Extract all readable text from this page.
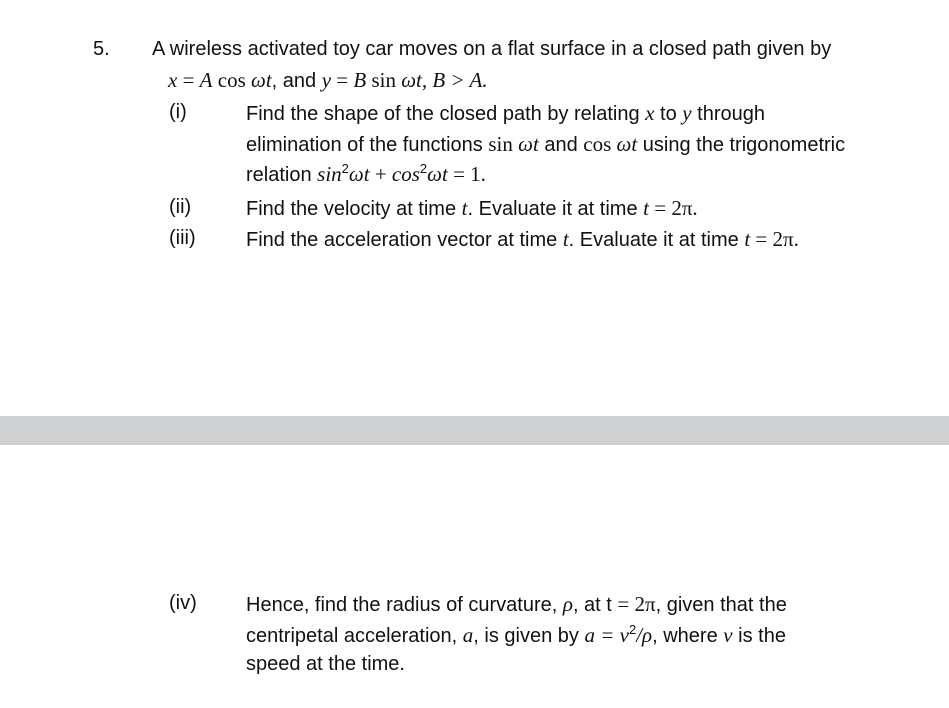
5. A wireless activated toy car moves on a flat surface in a closed path given by
x = A cos ωt, and y = B sin ωt, B > A.
(i)	Find the shape of the closed path by relating x to y through
elimination of the functions sin ωt and cos ωt using the trigonometric
relation $\sin^2\omega t + \cos^2\omega t = 1$.
(ii)	Find the velocity at time t. Evaluate it at time t = 2π.
(iii)	Find the acceleration vector at time t. Evaluate it at time t = 2π.
(iv) Hence, find the radius of curvature, ρ, at t = 2π, given that the
centripetal acceleration, a, is given by $a = v^2/\rho$, where v is the
speed at the time.
